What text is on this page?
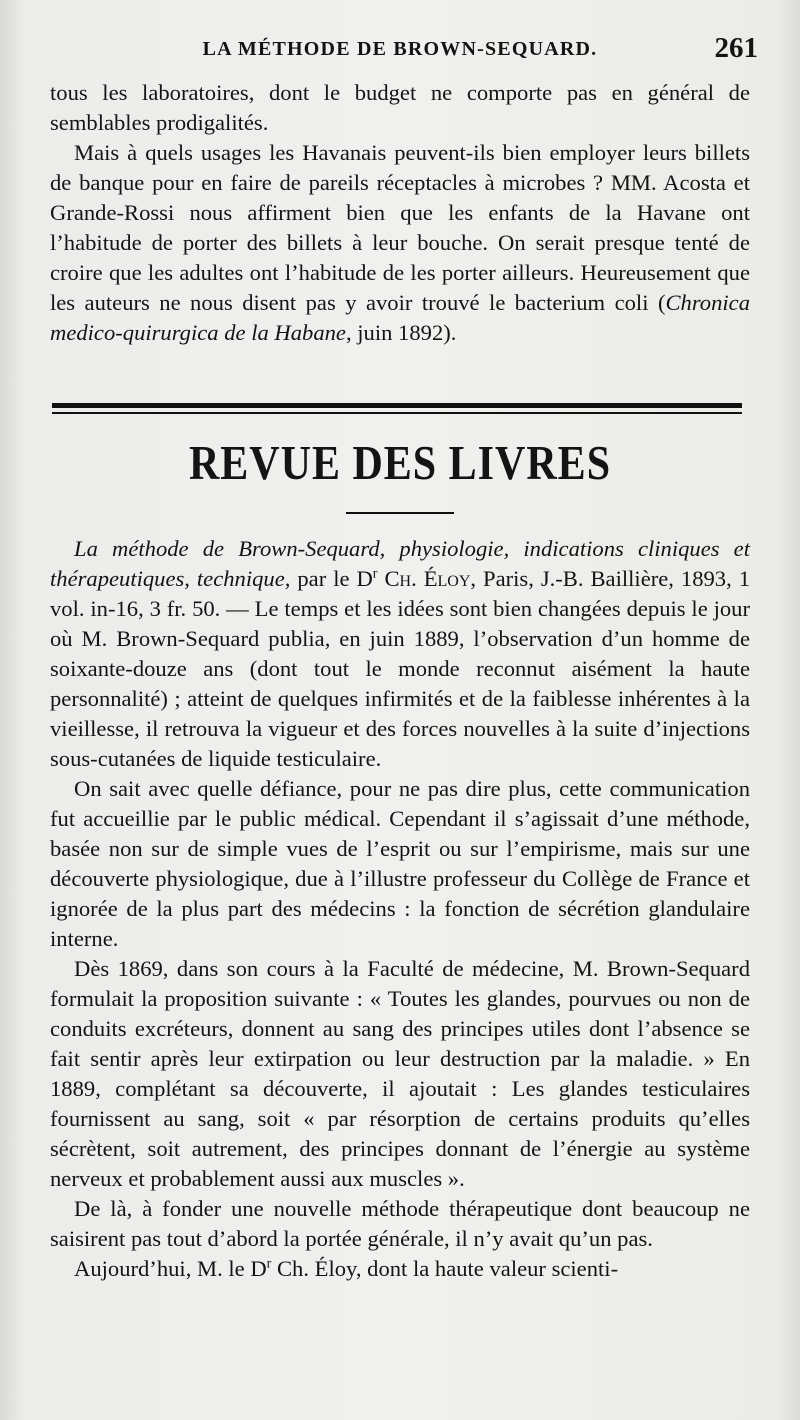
LA MÉTHODE DE BROWN-SEQUARD.	261

tous les laboratoires, dont le budget ne comporte pas en général de semblables prodigalités.

Mais à quels usages les Havanais peuvent-ils bien employer leurs billets de banque pour en faire de pareils réceptacles à microbes ? MM. Acosta et Grande-Rossi nous affirment bien que les enfants de la Havane ont l’habitude de porter des billets à leur bouche. On serait presque tenté de croire que les adultes ont l’habitude de les porter ailleurs. Heureusement que les auteurs ne nous disent pas y avoir trouvé le bacterium coli (Chronica medico-quirurgica de la Habane, juin 1892).

REVUE DES LIVRES

La méthode de Brown-Sequard, physiologie, indications cliniques et thérapeutiques, technique, par le $D^r$ Ch. Éloy, Paris, J.-B. Baillière, 1893, 1 vol. in-16, 3 fr. 50. — Le temps et les idées sont bien changées depuis le jour où M. Brown-Sequard publia, en juin 1889, l’observation d’un homme de soixante-douze ans (dont tout le monde reconnut aisément la haute personnalité) ; atteint de quelques infirmités et de la faiblesse inhérentes à la vieillesse, il retrouva la vigueur et des forces nouvelles à la suite d’injections sous-cutanées de liquide testiculaire.

On sait avec quelle défiance, pour ne pas dire plus, cette communication fut accueillie par le public médical. Cependant il s’agissait d’une méthode, basée non sur de simple vues de l’esprit ou sur l’empirisme, mais sur une découverte physiologique, due à l’illustre professeur du Collège de France et ignorée de la plus part des médecins : la fonction de sécrétion glandulaire interne.

Dès 1869, dans son cours à la Faculté de médecine, M. Brown-Sequard formulait la proposition suivante : « Toutes les glandes, pourvues ou non de conduits excréteurs, donnent au sang des principes utiles dont l’absence se fait sentir après leur extirpation ou leur destruction par la maladie. » En 1889, complétant sa découverte, il ajoutait : Les glandes testiculaires fournissent au sang, soit « par résorption de certains produits qu’elles sécrètent, soit autrement, des principes donnant de l’énergie au système nerveux et probablement aussi aux muscles ».

De là, à fonder une nouvelle méthode thérapeutique dont beaucoup ne saisirent pas tout d’abord la portée générale, il n’y avait qu’un pas.

Aujourd’hui, M. le $D^r$ Ch. Éloy, dont la haute valeur scienti-
